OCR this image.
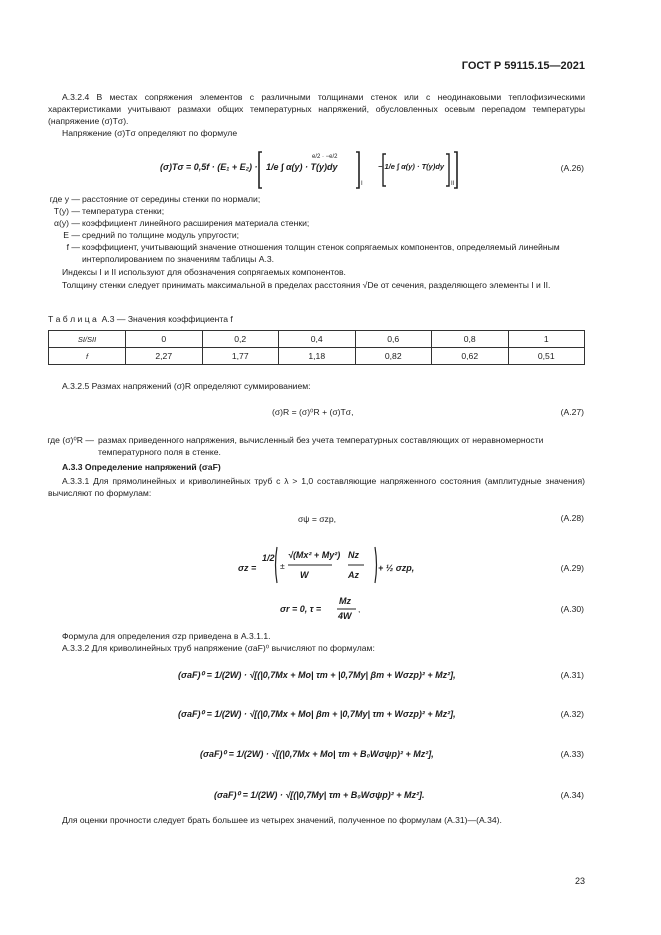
ГОСТ Р 59115.15—2021
А.3.2.4 В местах сопряжения элементов с различными толщинами стенок или с неодинаковыми теплофизическими характеристиками учитывают размахи общих температурных напряжений, обусловленных осевым перепадом температуры (напряжение (σ)Tσ).
Напряжение (σ)Tσ определяют по формуле
(σ)Tσ = 0,5f · (E₁ + E₂) · 1/e ∫ α(y) · T(y)dy	− 1/e ∫ α(y) · T(y)dy
e/2 · −e/2
I	II
(А.26)
где y — расстояние от середины стенки по нормали;
T(y) — температура стенки;
α(y) — коэффициент линейного расширения материала стенки;
E — средний по толщине модуль упругости;
f — коэффициент, учитывающий значение отношения толщин стенок сопрягаемых компонентов, определяемый линейным интерполированием по значениям таблицы А.3.
Индексы I и II используют для обозначения сопрягаемых компонентов.
Толщину стенки следует принимать максимальной в пределах расстояния √De от сечения, разделяющего элементы I и II.
Т а б л и ц а А.3 — Значения коэффициента f
SI/SII	0	0,2	0,4	0,6	0,8	1
f	2,27	1,77	1,18	0,82	0,62	0,51
А.3.2.5 Размах напряжений (σ)R определяют суммированием:
(σ)R = (σ)⁰R + (σ)Tσ,	(А.27)
где (σ)⁰R — размах приведенного напряжения, вычисленный без учета температурных составляющих от неравномерности температурного поля в стенке.
А.3.3 Определение напряжений (σaF)
А.3.3.1 Для прямолинейных и криволинейных труб с λ > 1,0 составляющие напряженного состояния (амплитудные значения) вычисляют по формулам:
σψ = σzp,	(А.28)
σz =
1/2
±
√(Mx² + My²)
W
Nz
Az
+ ½ σzp,	(А.29)
σr = 0, τ =
Mz
4W
,	(А.30)
Формула для определения σzp приведена в А.3.1.1.
А.3.3.2 Для криволинейных труб напряжение (σaF)⁰ вычисляют по формулам:
(σaF)⁰ = 1/(2W) · √[(|0,7Mx + Mo| τm + |0,7My| βm + Wσzp)² + Mz²],	(А.31)
(σaF)⁰ = 1/(2W) · √[(|0,7Mx + Mo| βm + |0,7My| τm + Wσzp)² + Mz²],	(А.32)
(σaF)⁰ = 1/(2W) · √[(|0,7Mx + Mo| τm + B₀Wσψp)² + Mz²],	(А.33)
(σaF)⁰ = 1/(2W) · √[(|0,7My| τm + B₀Wσψp)² + Mz²].	(А.34)
Для оценки прочности следует брать большее из четырех значений, полученное по формулам (А.31)—(А.34).
23
